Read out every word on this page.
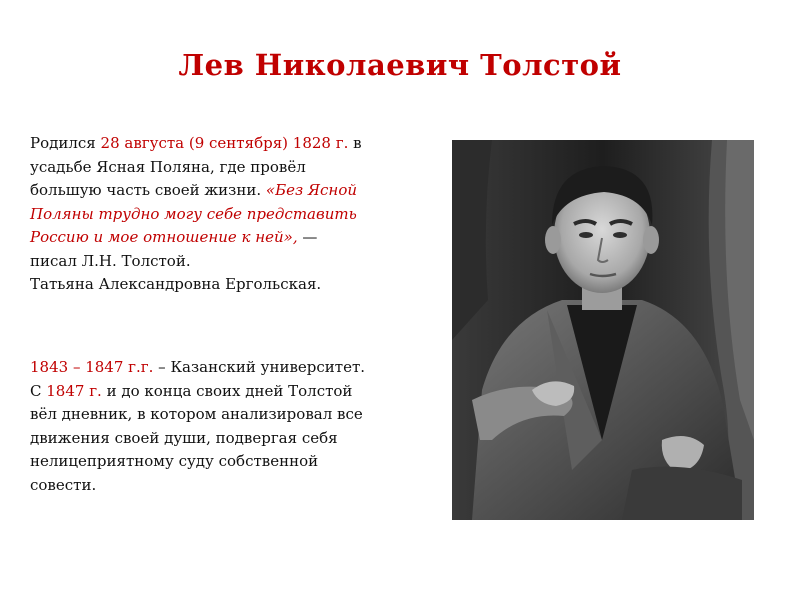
Лев Николаевич Толстой
Родился 28 августа (9 сентября) 1828 г. в
усадьбе Ясная Поляна, где провёл
большую часть своей жизни. «Без Ясной
Поляны трудно могу себе представить
Россию и мое отношение к ней», —
писал Л.Н. Толстой.
Татьяна Александровна Ергольская.
1843 – 1847 г.г. – Казанский университет.
С 1847 г. и до конца своих дней Толстой
вёл дневник, в котором анализировал все
движения своей души, подвергая себя
нелицеприятному суду собственной
совести.
